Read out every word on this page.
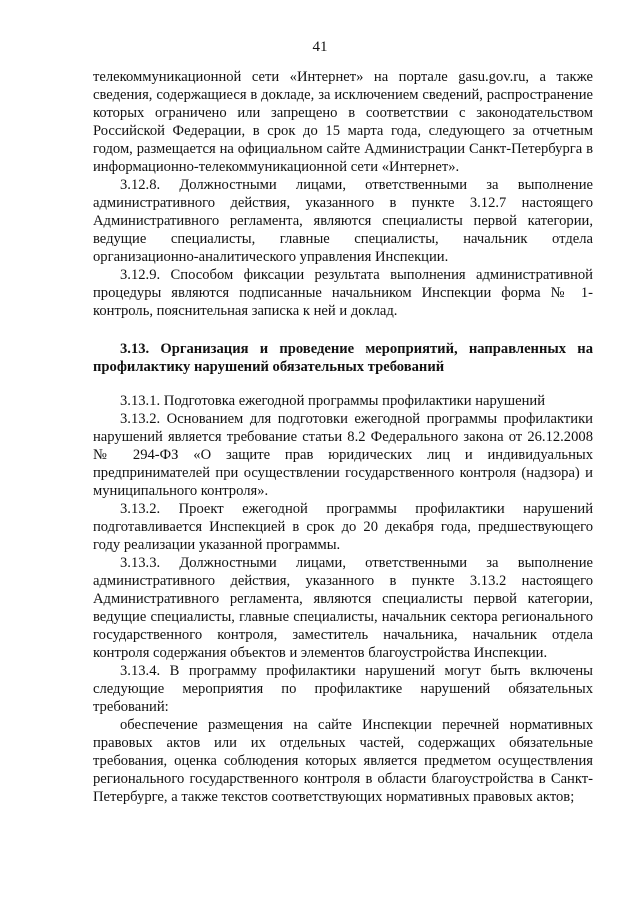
41

телекоммуникационной сети «Интернет» на портале gasu.gov.ru, а также сведения, содержащиеся в докладе, за исключением сведений, распространение которых ограничено или запрещено в соответствии с законодательством Российской Федерации, в срок до 15 марта года, следующего за отчетным годом, размещается на официальном сайте Администрации Санкт-Петербурга в информационно-телекоммуникационной сети «Интернет».

3.12.8. Должностными лицами, ответственными за выполнение административного действия, указанного в пункте 3.12.7 настоящего Административного регламента, являются специалисты первой категории, ведущие специалисты, главные специалисты, начальник отдела организационно-аналитического управления Инспекции.

3.12.9. Способом фиксации результата выполнения административной процедуры являются подписанные начальником Инспекции форма № 1-контроль, пояснительная записка к ней и доклад.

3.13. Организация и проведение мероприятий, направленных на профилактику нарушений обязательных требований

3.13.1. Подготовка ежегодной программы профилактики нарушений

3.13.2. Основанием для подготовки ежегодной программы профилактики нарушений является требование статьи 8.2 Федерального закона от 26.12.2008 № 294-ФЗ «О защите прав юридических лиц и индивидуальных предпринимателей при осуществлении государственного контроля (надзора) и муниципального контроля».

3.13.2. Проект ежегодной программы профилактики нарушений подготавливается Инспекцией в срок до 20 декабря года, предшествующего году реализации указанной программы.

3.13.3. Должностными лицами, ответственными за выполнение административного действия, указанного в пункте 3.13.2 настоящего Административного регламента, являются специалисты первой категории, ведущие специалисты, главные специалисты, начальник сектора регионального государственного контроля, заместитель начальника, начальник отдела контроля содержания объектов и элементов благоустройства Инспекции.

3.13.4. В программу профилактики нарушений могут быть включены следующие мероприятия по профилактике нарушений обязательных требований:

обеспечение размещения на сайте Инспекции перечней нормативных правовых актов или их отдельных частей, содержащих обязательные требования, оценка соблюдения которых является предметом осуществления регионального государственного контроля в области благоустройства в Санкт-Петербурге, а также текстов соответствующих нормативных правовых актов;
